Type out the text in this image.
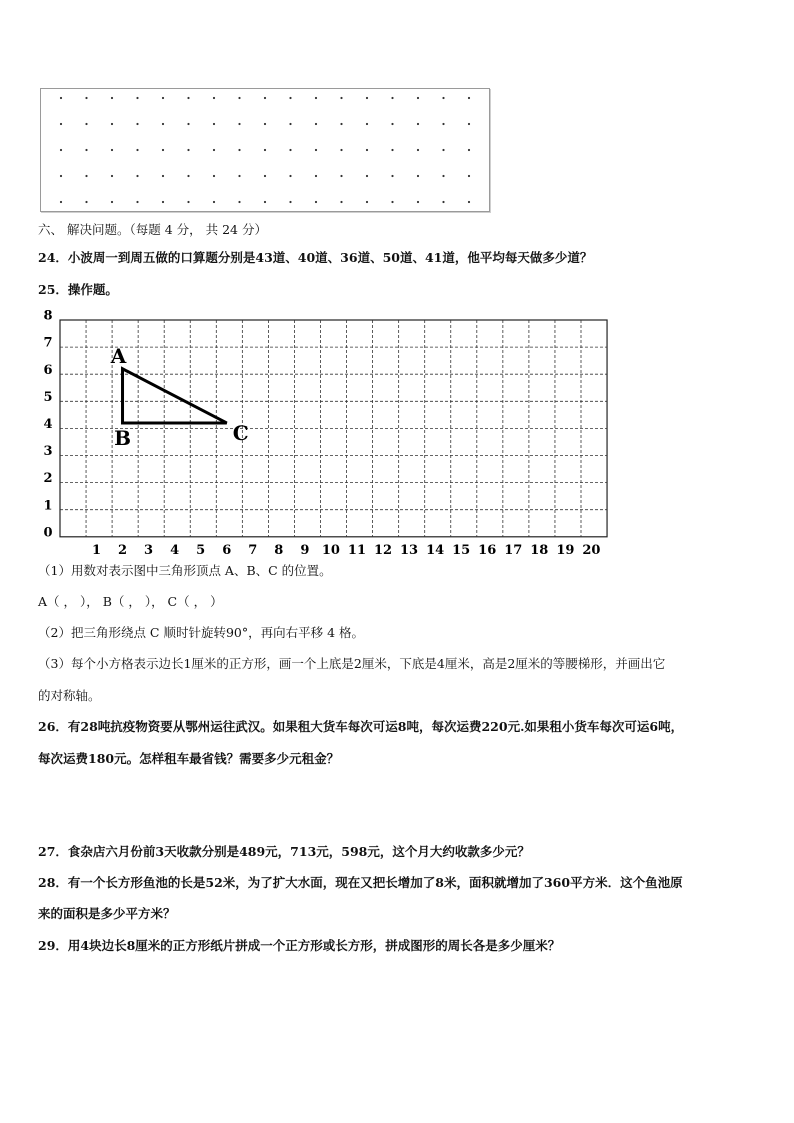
六、 解决问题。（每题 4 分， 共 24 分）
24．小波周一到周五做的口算题分别是43道、40道、36道、50道、41道，他平均每天做多少道？
25．操作题。
1 2 3 4 5 6 7 8 9 10 11 12 13 14 15 16 17 18 19 20
0
1
2
3
4
5
6
7
8
A
B	C
（1）用数对表示图中三角形顶点 A、B、C 的位置。
A（ ， ）， B（ ， ）， C（ ， ）
（2）把三角形绕点 C 顺时针旋转90°，再向右平移 4 格。
（3）每个小方格表示边长1厘米的正方形，画一个上底是2厘米，下底是4厘米，高是2厘米的等腰梯形，并画出它
的对称轴。
26．有28吨抗疫物资要从鄂州运往武汉。如果租大货车每次可运8吨，每次运费220元.如果租小货车每次可运6吨，
每次运费180元。怎样租车最省钱？需要多少元租金？
27．食杂店六月份前3天收款分别是489元，713元，598元，这个月大约收款多少元？
28．有一个长方形鱼池的长是52米，为了扩大水面，现在又把长增加了8米，面积就增加了360平方米．这个鱼池原
来的面积是多少平方米？
29．用4块边长8厘米的正方形纸片拼成一个正方形或长方形，拼成图形的周长各是多少厘米？
